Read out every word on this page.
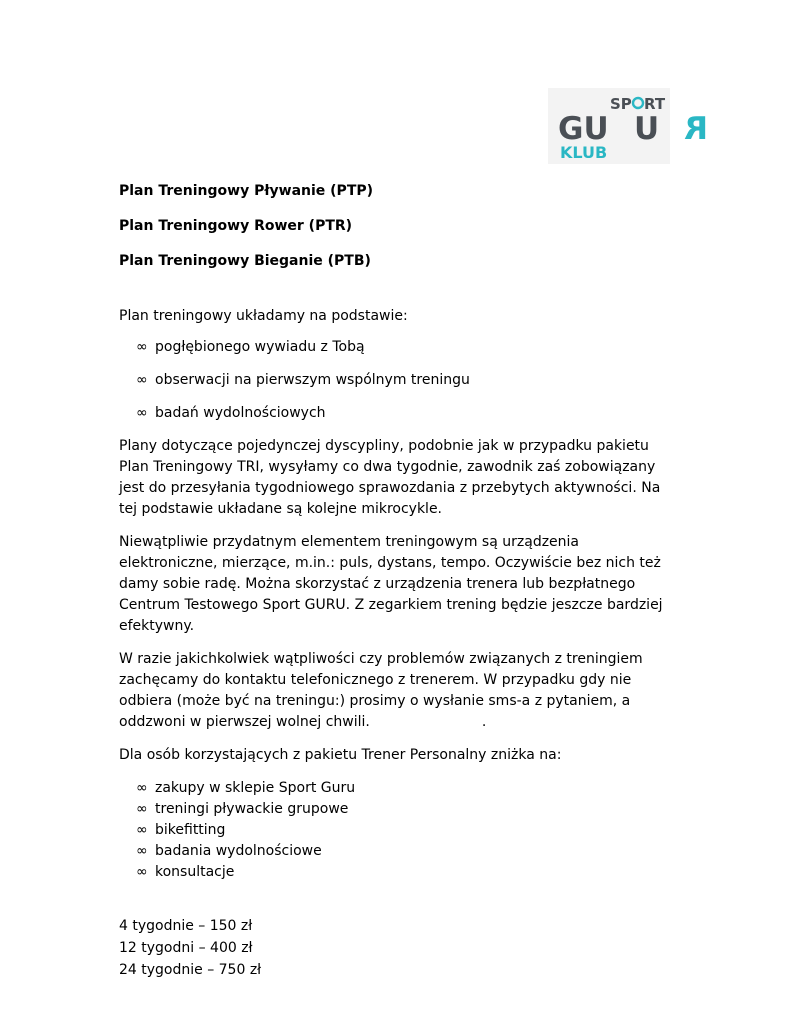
SP RT
GU R
U
KLUB

Plan Treningowy Pływanie (PTP)

Plan Treningowy Rower (PTR)

Plan Treningowy Bieganie (PTB)

Plan treningowy układamy na podstawie:

∞ pogłębionego wywiadu z Tobą
∞ obserwacji na pierwszym wspólnym treningu
∞ badań wydolnościowych

Plany dotyczące pojedynczej dyscypliny, podobnie jak w przypadku pakietu Plan Treningowy TRI, wysyłamy co dwa tygodnie, zawodnik zaś zobowiązany jest do przesyłania tygodniowego sprawozdania z przebytych aktywności. Na tej podstawie układane są kolejne mikrocykle.

Niewątpliwie przydatnym elementem treningowym są urządzenia elektroniczne, mierzące, m.in.: puls, dystans, tempo. Oczywiście bez nich też damy sobie radę. Można skorzystać z urządzenia trenera lub bezpłatnego Centrum Testowego Sport GURU. Z zegarkiem trening będzie jeszcze bardziej efektywny.

W razie jakichkolwiek wątpliwości czy problemów związanych z treningiem zachęcamy do kontaktu telefonicznego z trenerem. W przypadku gdy nie odbiera (może być na treningu:) prosimy o wysłanie sms-a z pytaniem, a oddzwoni w pierwszej wolnej chwili.	.

Dla osób korzystających z pakietu Trener Personalny zniżka na:

∞ zakupy w sklepie Sport Guru
∞ treningi pływackie grupowe
∞ bikefitting
∞ badania wydolnościowe
∞ konsultacje

4 tygodnie – 150 zł

12 tygodni – 400 zł

24 tygodnie – 750 zł
